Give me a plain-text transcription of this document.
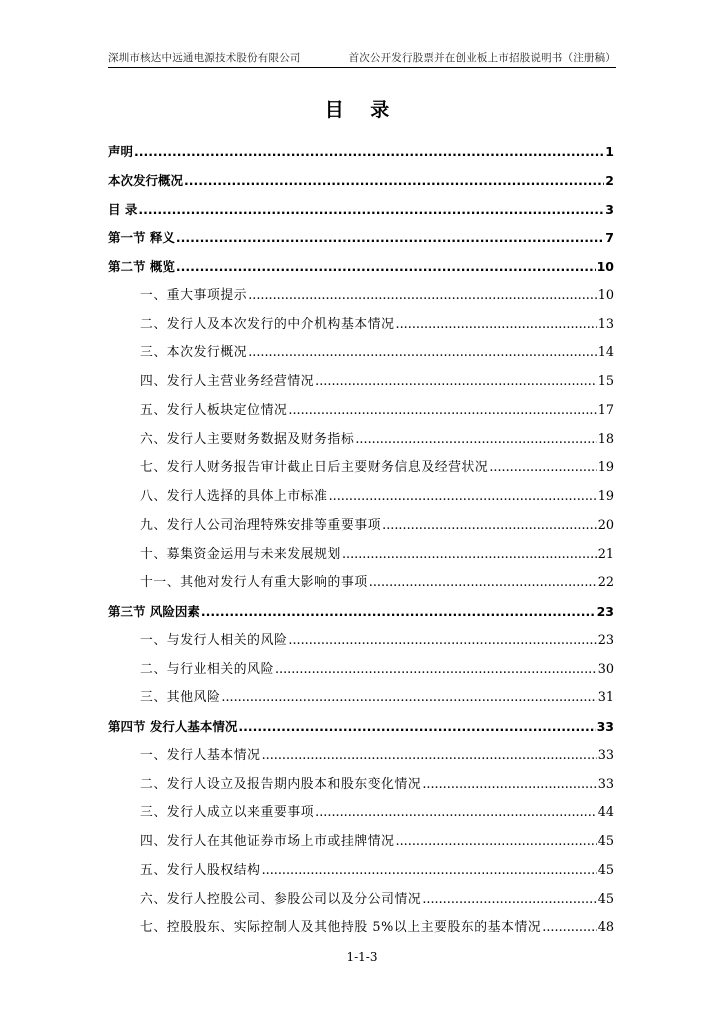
深圳市核达中远通电源技术股份有限公司	首次公开发行股票并在创业板上市招股说明书（注册稿）
目 录
声明 .....	1
本次发行概况 .....	2
目 录 .....	3
第一节 释义 .....	7
第二节 概览 .....	10
一、重大事项提示 .....	10
二、发行人及本次发行的中介机构基本情况 .....	13
三、本次发行概况 .....	14
四、发行人主营业务经营情况 .....	15
五、发行人板块定位情况 .....	17
六、发行人主要财务数据及财务指标 .....	18
七、发行人财务报告审计截止日后主要财务信息及经营状况 .....	19
八、发行人选择的具体上市标准 .....	19
九、发行人公司治理特殊安排等重要事项 .....	20
十、募集资金运用与未来发展规划 .....	21
十一、其他对发行人有重大影响的事项 .....	22
第三节 风险因素 .....	23
一、与发行人相关的风险 .....	23
二、与行业相关的风险 .....	30
三、其他风险 .....	31
第四节 发行人基本情况 .....	33
一、发行人基本情况 .....	33
二、发行人设立及报告期内股本和股东变化情况 .....	33
三、发行人成立以来重要事项 .....	44
四、发行人在其他证券市场上市或挂牌情况 .....	45
五、发行人股权结构 .....	45
六、发行人控股公司、参股公司以及分公司情况 .....	45
七、控股股东、实际控制人及其他持股 5%以上主要股东的基本情况 .....	48
1-1-3
